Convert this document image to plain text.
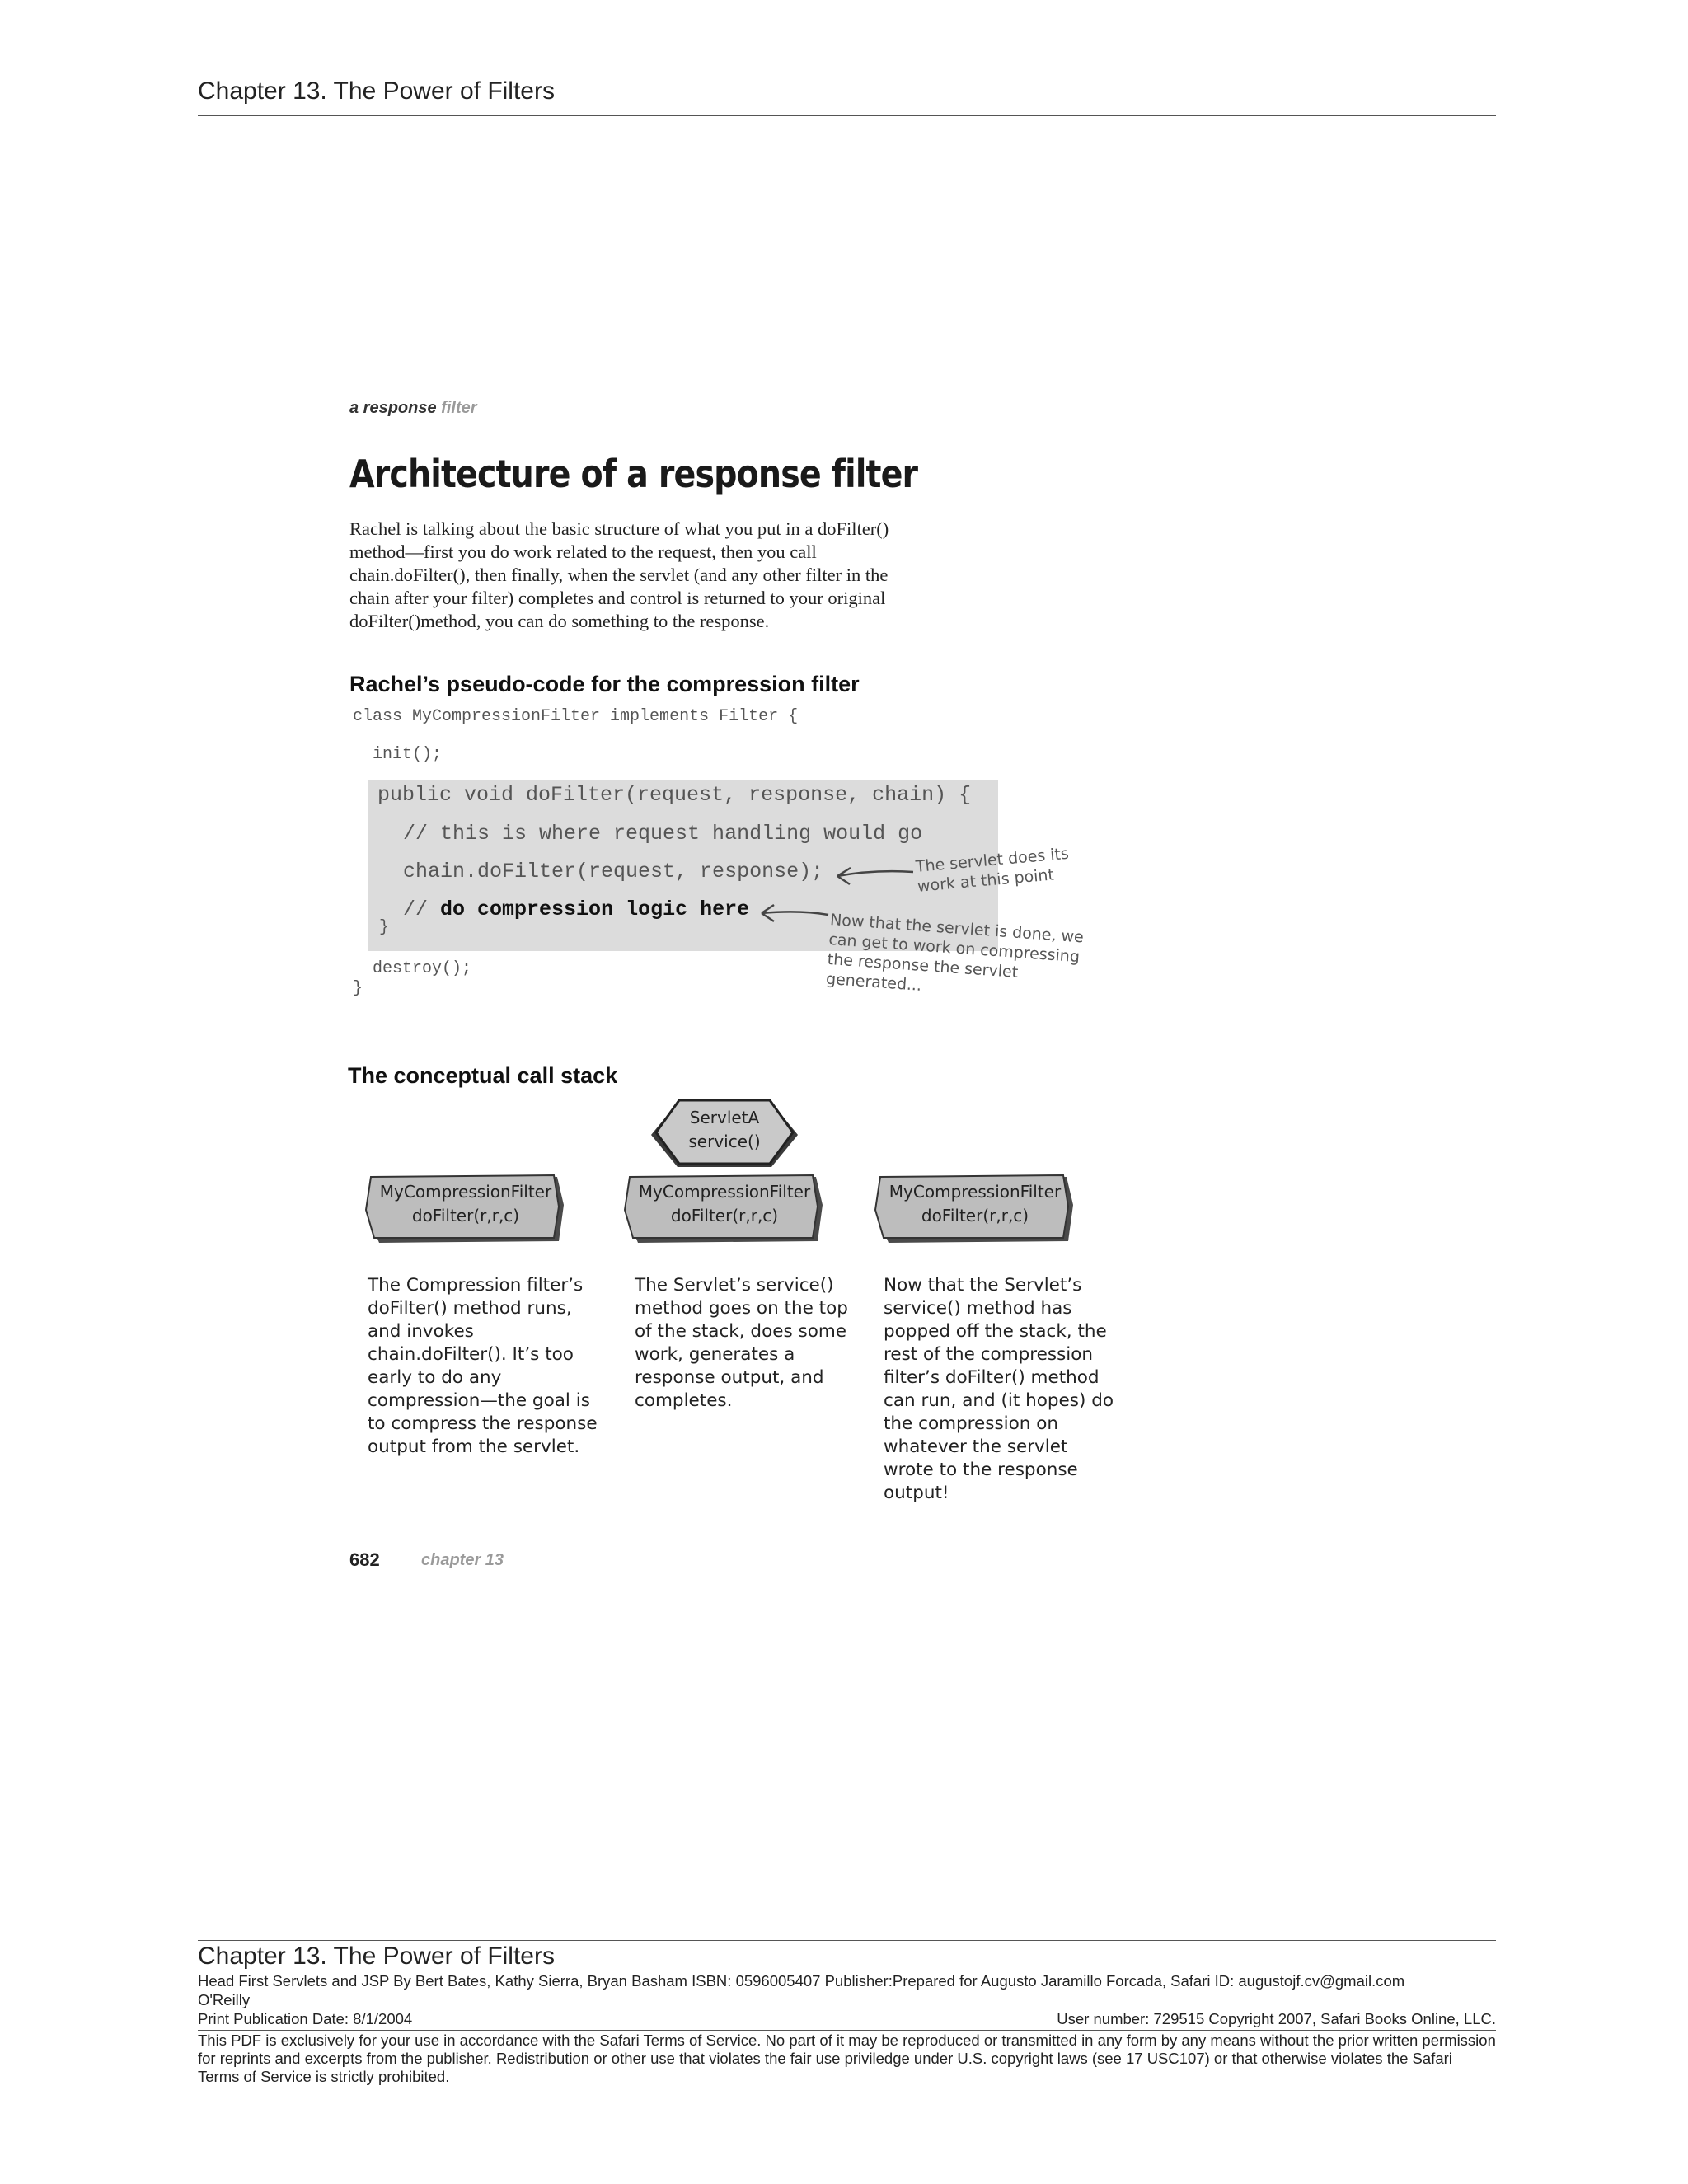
Chapter 13. The Power of Filters
a response filter
Architecture of a response filter

Rachel is talking about the basic structure of what you put in a doFilter() method—first you do work related to the request, then you call chain.doFilter(), then finally, when the servlet (and any other filter in the chain after your filter) completes and control is returned to your original doFilter()method, you can do something to the response.

Rachel’s pseudo-code for the compression filter
class MyCompressionFilter implements Filter {
init();
public void doFilter(request, response, chain) {
// this is where request handling would go
chain.doFilter(request, response);
// do compression logic here
}
destroy();
}
The servlet does its work at this point
Now that the servlet is done, we can get to work on compressing the response the servlet generated...
The conceptual call stack
ServletA
service()
MyCompressionFilter
doFilter(r,r,c)
MyCompressionFilter
doFilter(r,r,c)
MyCompressionFilter
doFilter(r,r,c)
The Compression filter’s doFilter() method runs, and invokes chain.doFilter(). It’s too early to do any compression—the goal is to compress the response output from the servlet.
The Servlet’s service() method goes on the top of the stack, does some work, generates a response output, and completes.
Now that the Servlet’s service() method has popped off the stack, the rest of the compression filter’s doFilter() method can run, and (it hopes) do the compression on whatever the servlet wrote to the response output!
682	chapter 13
Chapter 13. The Power of Filters
Head First Servlets and JSP By Bert Bates, Kathy Sierra, Bryan Basham ISBN: 0596005407 Publisher:Prepared for Augusto Jaramillo Forcada, Safari ID: augustojf.cv@gmail.com
O'Reilly
Print Publication Date: 8/1/2004	User number: 729515 Copyright 2007, Safari Books Online, LLC.
This PDF is exclusively for your use in accordance with the Safari Terms of Service. No part of it may be reproduced or transmitted in any form by any means without the prior written permission for reprints and excerpts from the publisher. Redistribution or other use that violates the fair use priviledge under U.S. copyright laws (see 17 USC107) or that otherwise violates the Safari Terms of Service is strictly prohibited.
